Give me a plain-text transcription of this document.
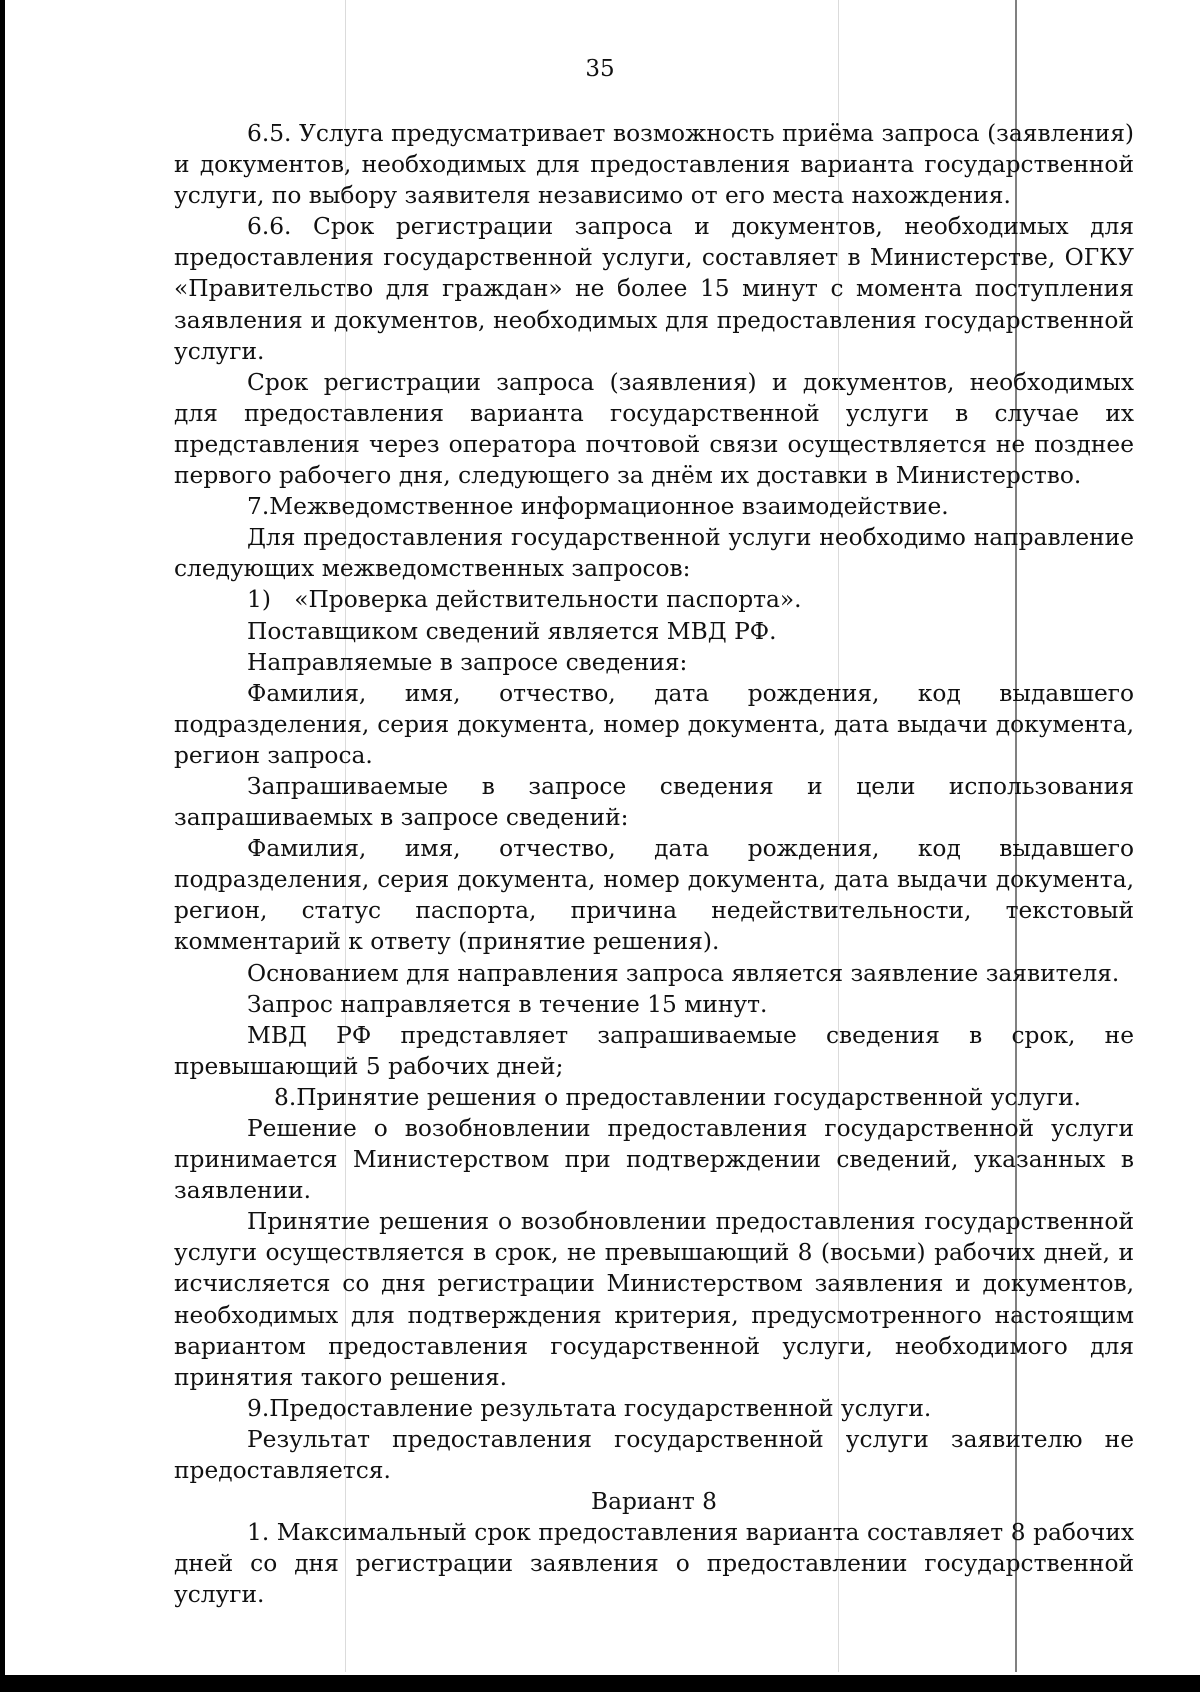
35

6.5. Услуга предусматривает возможность приёма запроса (заявления) и документов, необходимых для предоставления варианта государственной услуги, по выбору заявителя независимо от его места нахождения.

6.6. Срок регистрации запроса и документов, необходимых для предоставления государственной услуги, составляет в Министерстве, ОГКУ «Правительство для граждан» не более 15 минут с момента поступления заявления и документов, необходимых для предоставления государственной услуги.

Срок регистрации запроса (заявления) и документов, необходимых для предоставления варианта государственной услуги в случае их представления через оператора почтовой связи осуществляется не позднее первого рабочего дня, следующего за днём их доставки в Министерство.

7.Межведомственное информационное взаимодействие.

Для предоставления государственной услуги необходимо направление следующих межведомственных запросов:

1) «Проверка действительности паспорта».

Поставщиком сведений является МВД РФ.

Направляемые в запросе сведения:

Фамилия, имя, отчество, дата рождения, код выдавшего подразделения, серия документа, номер документа, дата выдачи документа, регион запроса.

Запрашиваемые в запросе сведения и цели использования запрашиваемых в запросе сведений:

Фамилия, имя, отчество, дата рождения, код выдавшего подразделения, серия документа, номер документа, дата выдачи документа, регион, статус паспорта, причина недействительности, текстовый комментарий к ответу (принятие решения).

Основанием для направления запроса является заявление заявителя.

Запрос направляется в течение 15 минут.

МВД РФ представляет запрашиваемые сведения в срок, не превышающий 5 рабочих дней;

8.Принятие решения о предоставлении государственной услуги.

Решение о возобновлении предоставления государственной услуги принимается Министерством при подтверждении сведений, указанных в заявлении.

Принятие решения о возобновлении предоставления государственной услуги осуществляется в срок, не превышающий 8 (восьми) рабочих дней, и исчисляется со дня регистрации Министерством заявления и документов, необходимых для подтверждения критерия, предусмотренного настоящим вариантом предоставления государственной услуги, необходимого для принятия такого решения.

9.Предоставление результата государственной услуги.

Результат предоставления государственной услуги заявителю не предоставляется.

Вариант 8

1. Максимальный срок предоставления варианта составляет 8 рабочих дней со дня регистрации заявления о предоставлении государственной услуги.
